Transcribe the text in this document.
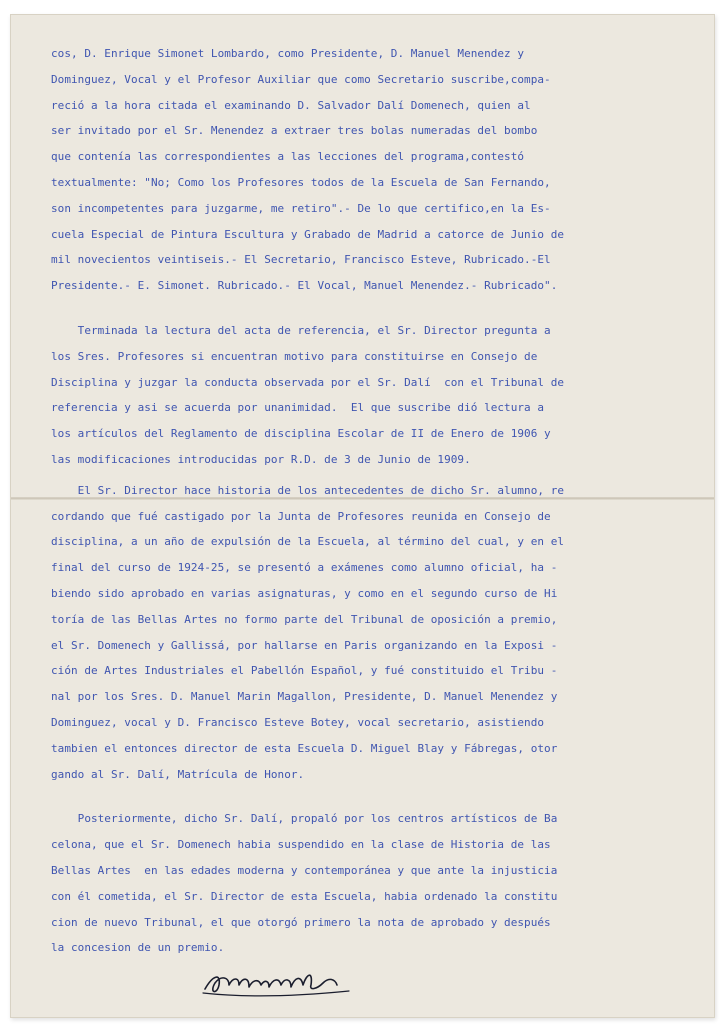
cos, D. Enrique Simonet Lombardo, como Presidente, D. Manuel Menendez y

Dominguez, Vocal y el Profesor Auxiliar que como Secretario suscribe,compa-

reció a la hora citada el examinando D. Salvador Dalí Domenech, quien al

ser invitado por el Sr. Menendez a extraer tres bolas numeradas del bombo

que contenía las correspondientes a las lecciones del programa,contestó

textualmente: "No; Como los Profesores todos de la Escuela de San Fernando,

son incompetentes para juzgarme, me retiro".- De lo que certifico,en la Es-

cuela Especial de Pintura Escultura y Grabado de Madrid a catorce de Junio de

mil novecientos veintiseis.- El Secretario, Francisco Esteve, Rubricado.-El

Presidente.- E. Simonet. Rubricado.- El Vocal, Manuel Menendez.- Rubricado".

Terminada la lectura del acta de referencia, el Sr. Director pregunta a

los Sres. Profesores si encuentran motivo para constituirse en Consejo de

Disciplina y juzgar la conducta observada por el Sr. Dalí  con el Tribunal de

referencia y asi se acuerda por unanimidad.  El que suscribe dió lectura a

los artículos del Reglamento de disciplina Escolar de II de Enero de 1906 y

las modificaciones introducidas por R.D. de 3 de Junio de 1909.

El Sr. Director hace historia de los antecedentes de dicho Sr. alumno, re

cordando que fué castigado por la Junta de Profesores reunida en Consejo de

disciplina, a un año de expulsión de la Escuela, al término del cual, y en el

final del curso de 1924-25, se presentó a exámenes como alumno oficial, ha -

biendo sido aprobado en varias asignaturas, y como en el segundo curso de Hi

toría de las Bellas Artes no formo parte del Tribunal de oposición a premio,

el Sr. Domenech y Gallissá, por hallarse en Paris organizando en la Exposi -

ción de Artes Industriales el Pabellón Español, y fué constituido el Tribu -

nal por los Sres. D. Manuel Marin Magallon, Presidente, D. Manuel Menendez y

Dominguez, vocal y D. Francisco Esteve Botey, vocal secretario, asistiendo

tambien el entonces director de esta Escuela D. Miguel Blay y Fábregas, otor

gando al Sr. Dalí, Matrícula de Honor.

Posteriormente, dicho Sr. Dalí, propaló por los centros artísticos de Ba

celona, que el Sr. Domenech habia suspendido en la clase de Historia de las

Bellas Artes  en las edades moderna y contemporánea y que ante la injusticia

con él cometida, el Sr. Director de esta Escuela, habia ordenado la constitu

cion de nuevo Tribunal, el que otorgó primero la nota de aprobado y después

la concesion de un premio.
